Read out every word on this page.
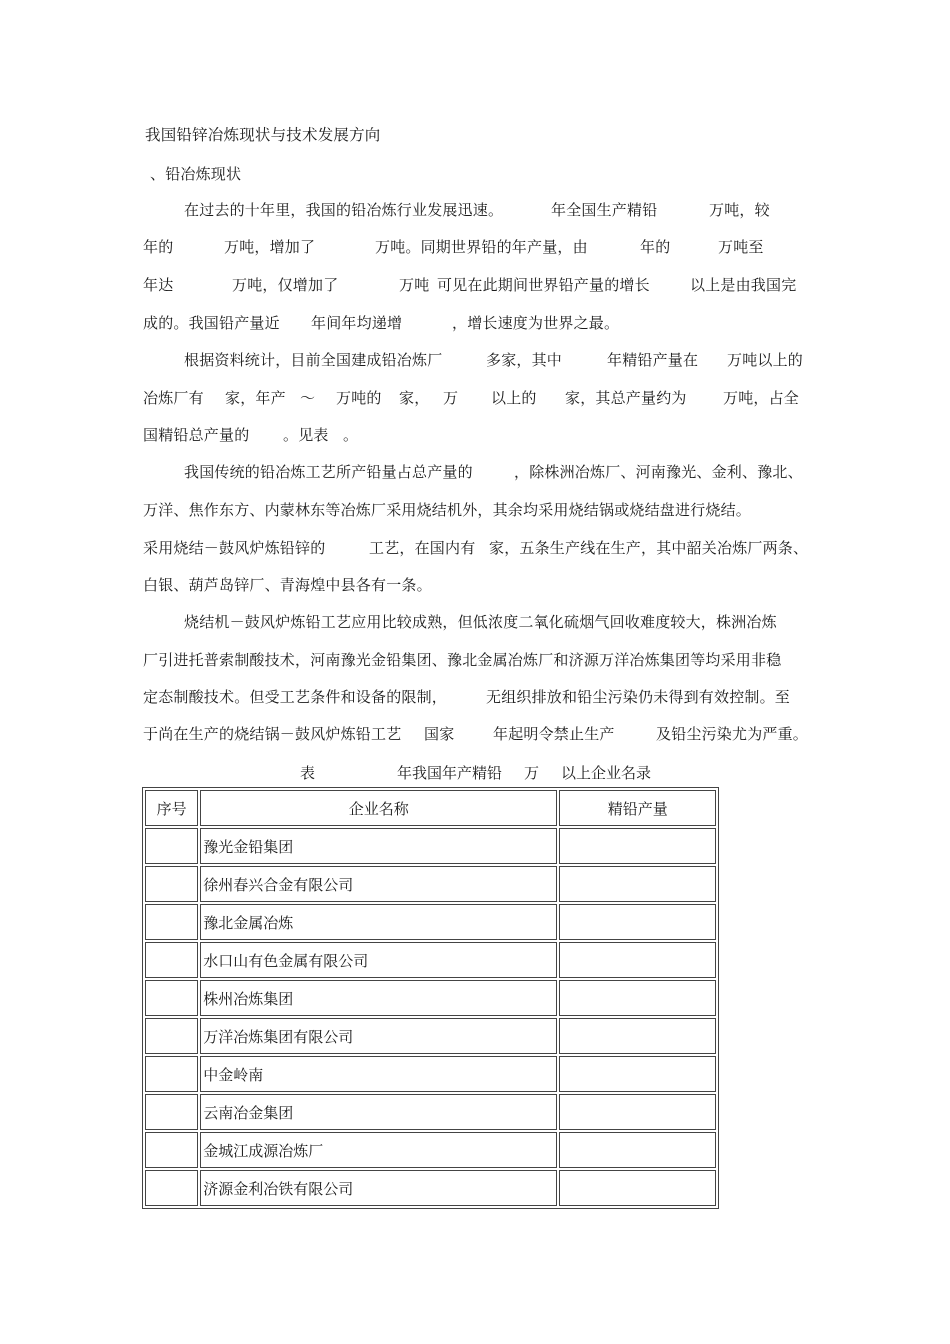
我国铅锌冶炼现状与技术发展方向
、铅冶炼现状
在过去的十年里，我国的铅冶炼行业发展迅速。	年全国生产精铅	万吨，较
年的	万吨，增加了	万吨。同期世界铅的年产量，由	年的	万吨至
年达	万吨，仅增加了	万吨 可见在此期间世界铅产量的增长	以上是由我国完
成的。我国铅产量近 年间年均递增	，增长速度为世界之最。
根据资料统计，目前全国建成铅冶炼厂	多家，其中	年精铅产量在 万吨以上的
冶炼厂有 家，年产 ～ 万吨的 家， 万 以上的 家，其总产量约为 万吨，占全
国精铅总产量的 。见表 。
我国传统的铅冶炼工艺所产铅量占总产量的	，除株洲冶炼厂、河南豫光、金利、豫北、
万洋、焦作东方、内蒙林东等冶炼厂采用烧结机外，其余均采用烧结锅或烧结盘进行烧结。
采用烧结－鼓风炉炼铅锌的	工艺，在国内有 家，五条生产线在生产，其中韶关冶炼厂两条、
白银、葫芦岛锌厂、青海煌中县各有一条。
烧结机－鼓风炉炼铅工艺应用比较成熟，但低浓度二氧化硫烟气回收难度较大，株洲冶炼
厂引进托普索制酸技术，河南豫光金铅集团、豫北金属冶炼厂和济源万洋冶炼集团等均采用非稳
定态制酸技术。但受工艺条件和设备的限制，	无组织排放和铅尘污染仍未得到有效控制。至
于尚在生产的烧结锅－鼓风炉炼铅工艺 国家	年起明令禁止生产	及铅尘污染尤为严重。
表	年我国年产精铅 万 以上企业名录
序号	企业名称	精铅产量
	豫光金铅集团	
	徐州春兴合金有限公司	
	豫北金属冶炼	
	水口山有色金属有限公司	
	株州冶炼集团	
	万洋冶炼集团有限公司	
	中金岭南	
	云南冶金集团	
	金城江成源冶炼厂	
	济源金利冶铁有限公司	
